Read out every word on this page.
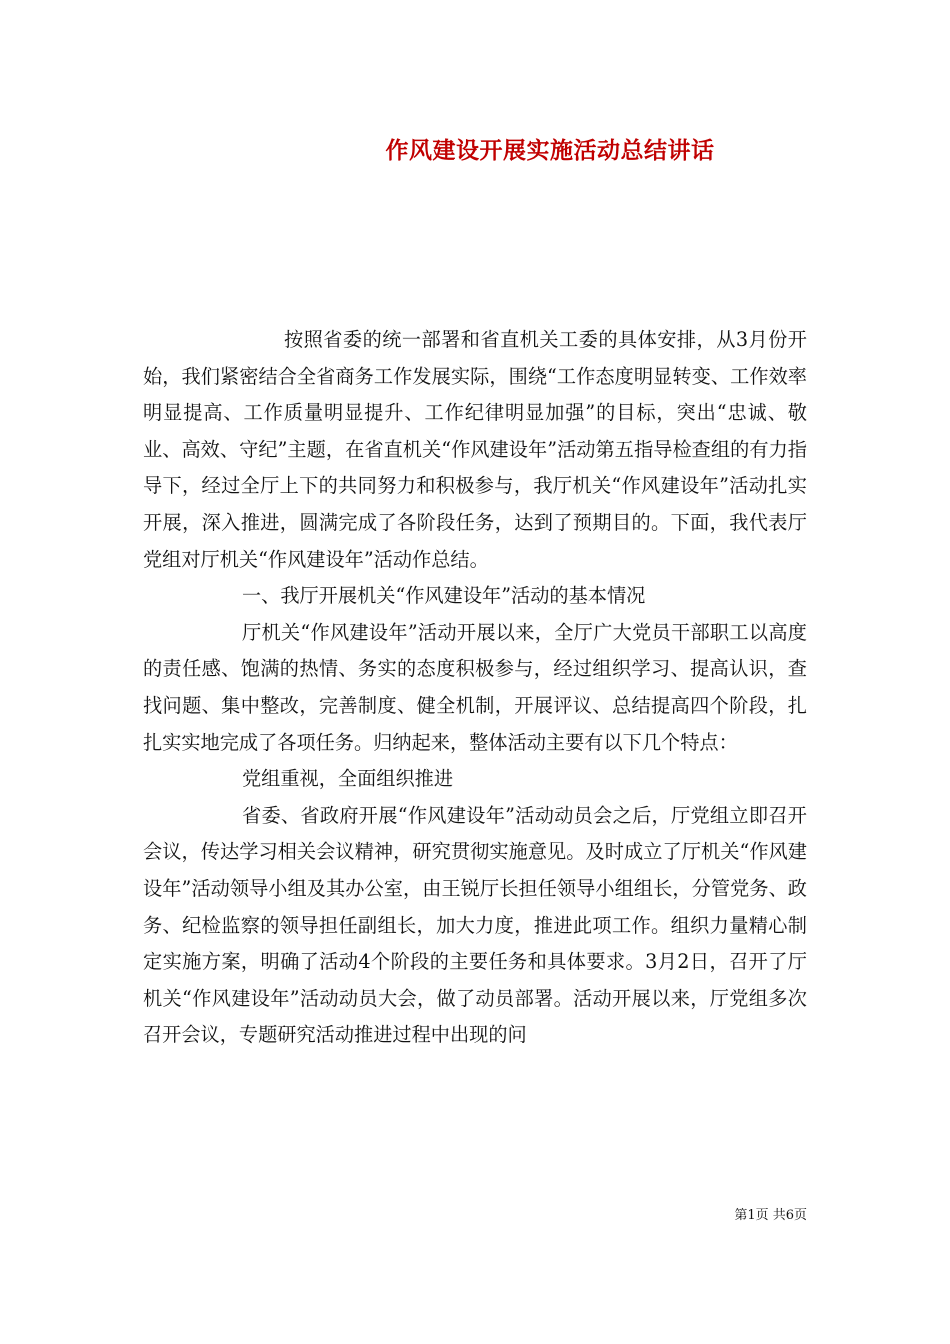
作风建设开展实施活动总结讲话

按照省委的统一部署和省直机关工委的具体安排，从3月份开始，我们紧密结合全省商务工作发展实际，围绕“工作态度明显转变、工作效率明显提高、工作质量明显提升、工作纪律明显加强”的目标，突出“忠诚、敬业、高效、守纪”主题，在省直机关“作风建设年”活动第五指导检查组的有力指导下，经过全厅上下的共同努力和积极参与，我厅机关“作风建设年”活动扎实开展，深入推进，圆满完成了各阶段任务，达到了预期目的。下面，我代表厅党组对厅机关“作风建设年”活动作总结。

一、我厅开展机关“作风建设年”活动的基本情况

厅机关“作风建设年”活动开展以来，全厅广大党员干部职工以高度的责任感、饱满的热情、务实的态度积极参与，经过组织学习、提高认识，查找问题、集中整改，完善制度、健全机制，开展评议、总结提高四个阶段，扎扎实实地完成了各项任务。归纳起来，整体活动主要有以下几个特点：

党组重视，全面组织推进

省委、省政府开展“作风建设年”活动动员会之后，厅党组立即召开会议，传达学习相关会议精神，研究贯彻实施意见。及时成立了厅机关“作风建设年”活动领导小组及其办公室，由王锐厅长担任领导小组组长，分管党务、政务、纪检监察的领导担任副组长，加大力度，推进此项工作。组织力量精心制定实施方案，明确了活动4个阶段的主要任务和具体要求。3月2日，召开了厅机关“作风建设年”活动动员大会，做了动员部署。活动开展以来，厅党组多次召开会议，专题研究活动推进过程中出现的问

第1页 共6页
